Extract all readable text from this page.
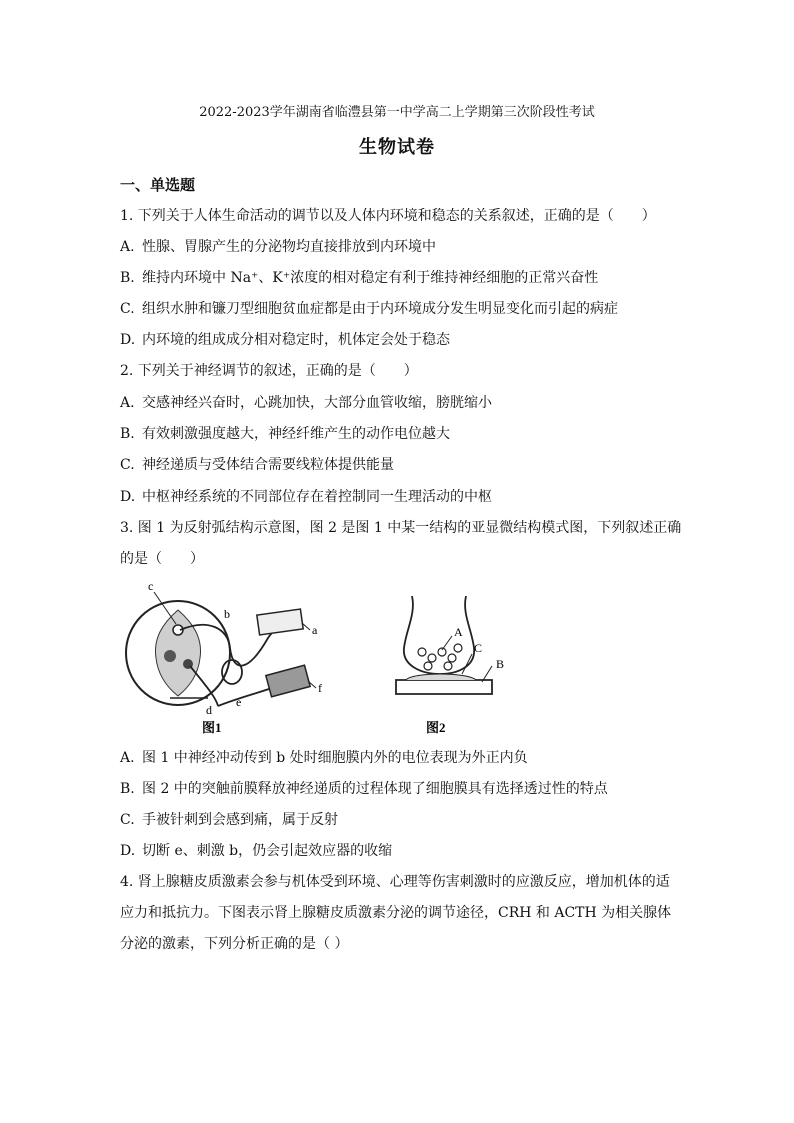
2022-2023学年湖南省临澧县第一中学高二上学期第三次阶段性考试
生物试卷
一、单选题
1. 下列关于人体生命活动的调节以及人体内环境和稳态的关系叙述，正确的是（　　）
A. 性腺、胃腺产生的分泌物均直接排放到内环境中
B. 维持内环境中 Na⁺、K⁺浓度的相对稳定有利于维持神经细胞的正常兴奋性
C. 组织水肿和镰刀型细胞贫血症都是由于内环境成分发生明显变化而引起的病症
D. 内环境的组成成分相对稳定时，机体定会处于稳态
2. 下列关于神经调节的叙述，正确的是（　　）
A. 交感神经兴奋时，心跳加快，大部分血管收缩，膀胱缩小
B. 有效刺激强度越大，神经纤维产生的动作电位越大
C. 神经递质与受体结合需要线粒体提供能量
D. 中枢神经系统的不同部位存在着控制同一生理活动的中枢
3. 图 1 为反射弧结构示意图，图 2 是图 1 中某一结构的亚显微结构模式图，下列叙述正确
的是（　　）
c
b
a
f
d
e
图1
A
C
B
图2
A. 图 1 中神经冲动传到 b 处时细胞膜内外的电位表现为外正内负
B. 图 2 中的突触前膜释放神经递质的过程体现了细胞膜具有选择透过性的特点
C. 手被针刺到会感到痛，属于反射
D. 切断 e、刺激 b，仍会引起效应器的收缩
4. 肾上腺糖皮质激素会参与机体受到环境、心理等伤害刺激时的应激反应，增加机体的适
应力和抵抗力。下图表示肾上腺糖皮质激素分泌的调节途径，CRH 和 ACTH 为相关腺体
分泌的激素，下列分析正确的是（ ）
